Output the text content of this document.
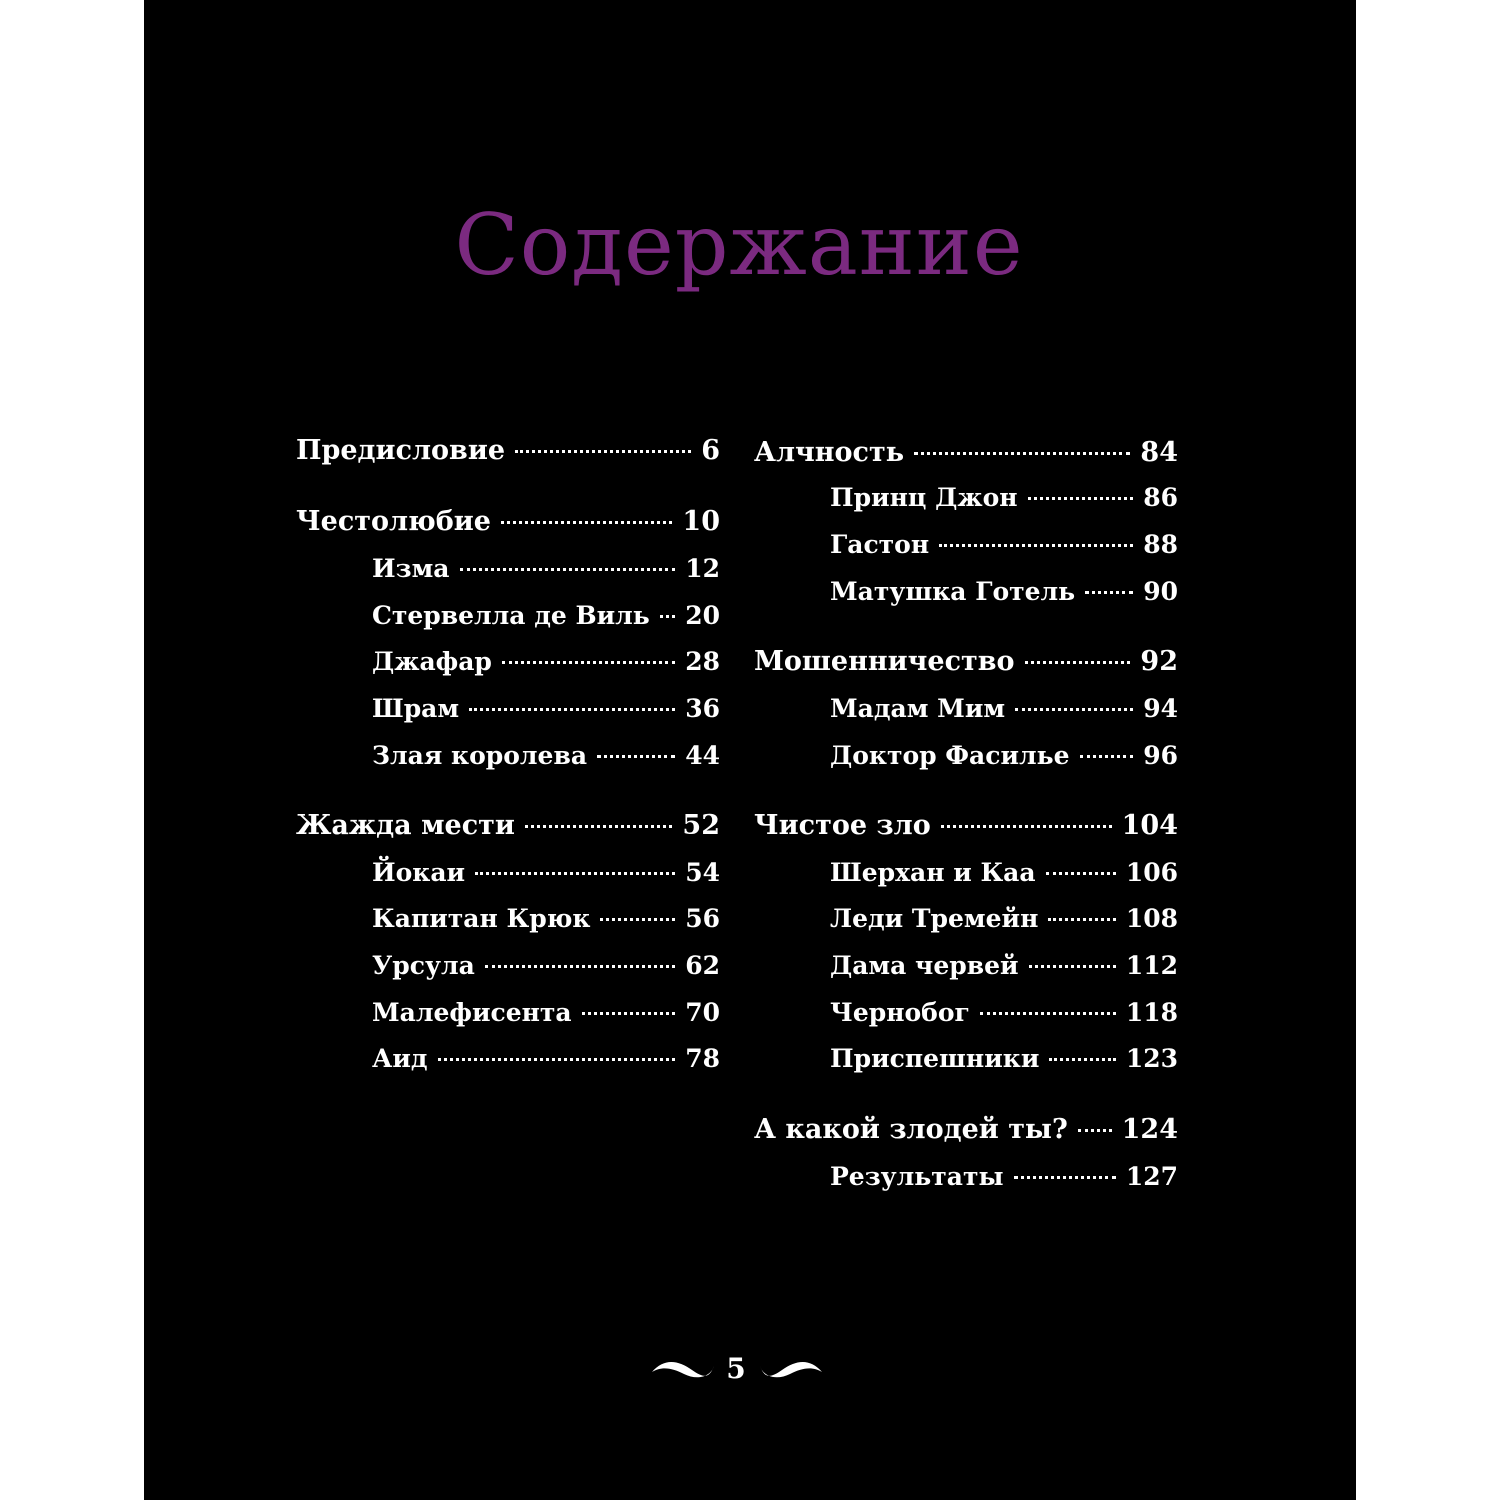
Содержание
Предисловие	6
Честолюбие	10
Изма	12
Стервелла де Виль 20
Джафар	28
Шрам	36
Злая королева	44
Жажда мести	52
Йокаи	54
Капитан Крюк	56
Урсула	62
Малефисента	70
Аид	78
Алчность	84
Принц Джон	86
Гастон	88
Матушка Готель	90
Мошенничество	92
Мадам Мим	94
Доктор Фасилье	96
Чистое зло	104
Шерхан и Каа	106
Леди Тремейн	108
Дама червей	112
Чернобог	118
Приспешники	123
А какой злодей ты? 124
Результаты	127
5
